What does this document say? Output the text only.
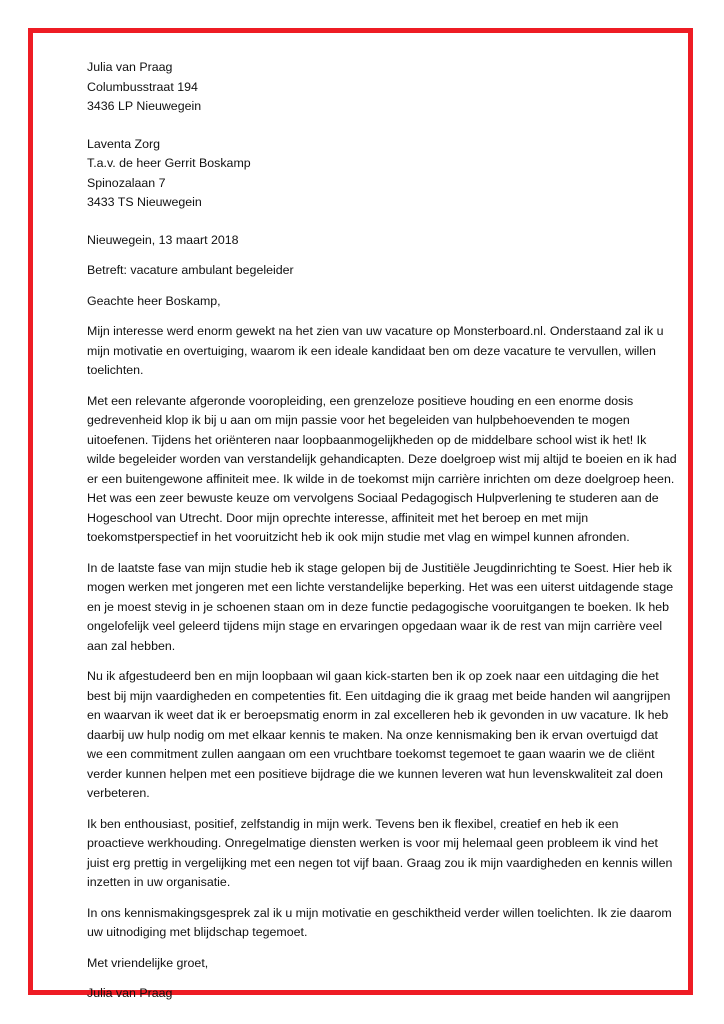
Julia van Praag
Columbusstraat 194
3436 LP Nieuwegein
Laventa Zorg
T.a.v. de heer Gerrit Boskamp
Spinozalaan 7
3433 TS Nieuwegein

Nieuwegein, 13 maart 2018

Betreft: vacature ambulant begeleider

Geachte heer Boskamp,

Mijn interesse werd enorm gewekt na het zien van uw vacature op Monsterboard.nl. Onderstaand zal ik u mijn motivatie en overtuiging, waarom ik een ideale kandidaat ben om deze vacature te vervullen, willen toelichten.

Met een relevante afgeronde vooropleiding, een grenzeloze positieve houding en een enorme dosis gedrevenheid klop ik bij u aan om mijn passie voor het begeleiden van hulpbehoevenden te mogen uitoefenen. Tijdens het oriënteren naar loopbaanmogelijkheden op de middelbare school wist ik het! Ik wilde begeleider worden van verstandelijk gehandicapten. Deze doelgroep wist mij altijd te boeien en ik had er een buitengewone affiniteit mee. Ik wilde in de toekomst mijn carrière inrichten om deze doelgroep heen. Het was een zeer bewuste keuze om vervolgens Sociaal Pedagogisch Hulpverlening te studeren aan de Hogeschool van Utrecht. Door mijn oprechte interesse, affiniteit met het beroep en met mijn toekomstperspectief in het vooruitzicht heb ik ook mijn studie met vlag en wimpel kunnen afronden.

In de laatste fase van mijn studie heb ik stage gelopen bij de Justitiële Jeugdinrichting te Soest. Hier heb ik mogen werken met jongeren met een lichte verstandelijke beperking. Het was een uiterst uitdagende stage en je moest stevig in je schoenen staan om in deze functie pedagogische vooruitgangen te boeken. Ik heb ongelofelijk veel geleerd tijdens mijn stage en ervaringen opgedaan waar ik de rest van mijn carrière veel aan zal hebben.

Nu ik afgestudeerd ben en mijn loopbaan wil gaan kick-starten ben ik op zoek naar een uitdaging die het best bij mijn vaardigheden en competenties fit. Een uitdaging die ik graag met beide handen wil aangrijpen en waarvan ik weet dat ik er beroepsmatig enorm in zal excelleren heb ik gevonden in uw vacature. Ik heb daarbij uw hulp nodig om met elkaar kennis te maken. Na onze kennismaking ben ik ervan overtuigd dat we een commitment zullen aangaan om een vruchtbare toekomst tegemoet te gaan waarin we de cliënt verder kunnen helpen met een positieve bijdrage die we kunnen leveren wat hun levenskwaliteit zal doen verbeteren.

Ik ben enthousiast, positief, zelfstandig in mijn werk. Tevens ben ik flexibel, creatief en heb ik een proactieve werkhouding. Onregelmatige diensten werken is voor mij helemaal geen probleem ik vind het juist erg prettig in vergelijking met een negen tot vijf baan. Graag zou ik mijn vaardigheden en kennis willen inzetten in uw organisatie.

In ons kennismakingsgesprek zal ik u mijn motivatie en geschiktheid verder willen toelichten. Ik zie daarom uw uitnodiging met blijdschap tegemoet.

Met vriendelijke groet,

Julia van Praag
